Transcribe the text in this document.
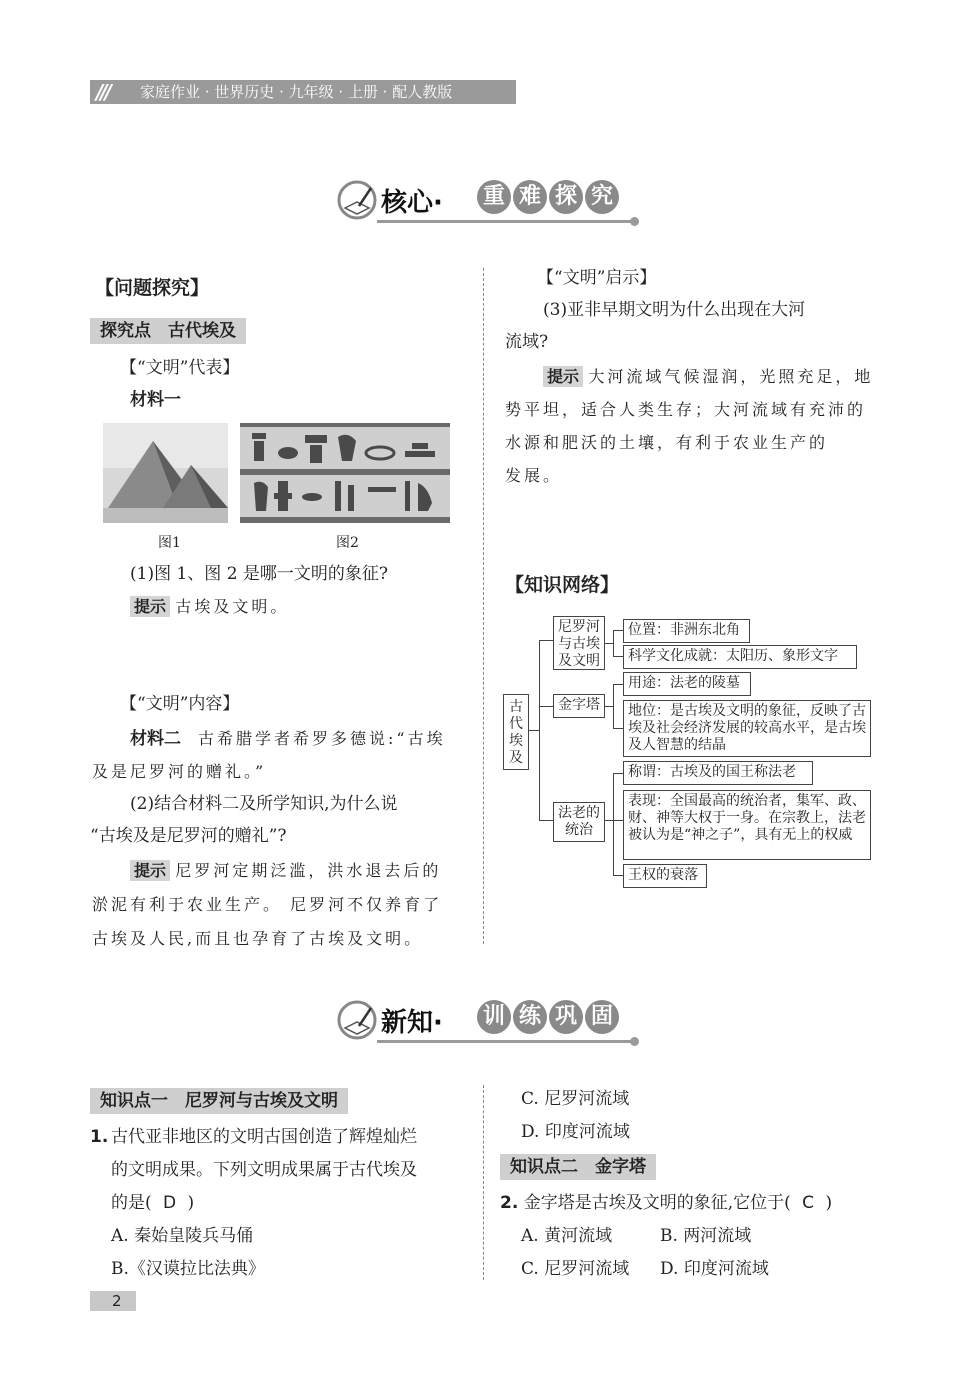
/// 家庭作业 · 世界历史 · 九年级 · 上册 · 配人教版
核心· 重 难 探 究
【问题探究】
探究点　古代埃及
【“文明”代表】
材料一
图1	图2
(1)图 1、图 2 是哪一文明的象征?
提示 古埃及文明。
【“文明”内容】
材料二　 古希腊学者希罗多德说:“古埃
及是尼罗河的赠礼。”
(2)结合材料二及所学知识,为什么说
“古埃及是尼罗河的赠礼”?
提示 尼罗河定期泛滥，洪水退去后的
淤泥有利于农业生产。 尼罗河不仅养育了
古埃及人民,而且也孕育了古埃及文明。
【“文明”启示】
(3)亚非早期文明为什么出现在大河
流域?
提示 大河流域气候湿润，光照充足，地
势平坦，适合人类生存；大河流域有充沛的
水源和肥沃的土壤，有利于农业生产的
发展。
【知识网络】
古代埃及
尼罗河与古埃及文明
金字塔
法老的统治
位置：非洲东北角
科学文化成就：太阳历、象形文字
用途：法老的陵墓
地位：是古埃及文明的象征，反映了古埃及社会经济发展的较高水平，是古埃及人智慧的结晶
称谓：古埃及的国王称法老
表现：全国最高的统治者，集军、政、财、神等大权于一身。在宗教上，法老被认为是“神之子”，具有无上的权威
王权的衰落
新知· 训 练 巩 固
知识点一　尼罗河与古埃及文明
1. 古代亚非地区的文明古国创造了辉煌灿烂
的文明成果。下列文明成果属于古代埃及
的是( D )
A. 秦始皇陵兵马俑
B.《汉谟拉比法典》
C. 尼罗河流域
D. 印度河流域
知识点二　金字塔
2. 金字塔是古埃及文明的象征,它位于( C )
A. 黄河流域	B. 两河流域
C. 尼罗河流域 D. 印度河流域
2
